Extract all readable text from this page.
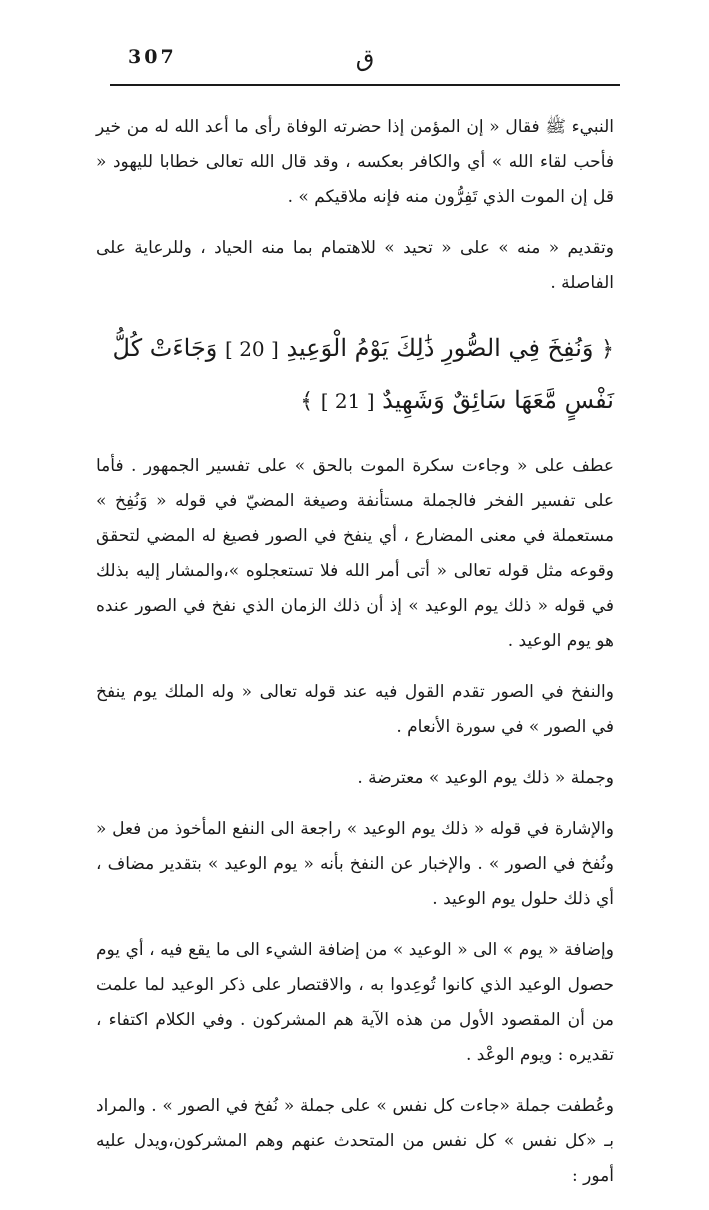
307	ق

النبيء ﷺ فقال « إن المؤمن إذا حضرته الوفاة رأى ما أعد الله له من خير فأحب لقاء الله » أي والكافر بعكسه ، وقد قال الله تعالى خطابا لليهود « قل إن الموت الذي تَفِرُّون منه فإنه ملاقيكم » .

وتقديم « منه » على « تحيد » للاهتمام بما منه الحياد ، وللرعاية على الفاصلة .

﴿ وَنُفِخَ فِي الصُّورِ ذَٰلِكَ يَوْمُ الْوَعِيدِ [ 20 ] وَجَاءَتْ كُلُّ نَفْسٍ مَّعَهَا سَائِقٌ وَشَهِيدٌ [ 21 ] ﴾

عطف على « وجاءت سكرة الموت بالحق » على تفسير الجمهور . فأما على تفسير الفخر فالجملة مستأنفة وصيغة المضيّ في قوله « وَنُفِخ » مستعملة في معنى المضارع ، أي ينفخ في الصور فصيغ له المضي لتحقق وقوعه مثل قوله تعالى « أتى أمر الله فلا تستعجلوه »،والمشار إليه بذلك في قوله « ذلك يوم الوعيد » إذ أن ذلك الزمان الذي نفخ في الصور عنده هو يوم الوعيد .

والنفخ في الصور تقدم القول فيه عند قوله تعالى « وله الملك يوم ينفخ في الصور » في سورة الأنعام .

وجملة « ذلك يوم الوعيد » معترضة .

والإشارة في قوله « ذلك يوم الوعيد » راجعة الى النفع المأخوذ من فعل « ونُفخ في الصور » . والإخبار عن النفخ بأنه « يوم الوعيد » بتقدير مضاف ، أي ذلك حلول يوم الوعيد .

وإضافة « يوم » الى « الوعيد » من إضافة الشيء الى ما يقع فيه ، أي يوم حصول الوعيد الذي كانوا تُوعِدوا به ، والاقتصار على ذكر الوعيد لما علمت من أن المقصود الأول من هذه الآية هم المشركون . وفي الكلام اكتفاء ، تقديره : ويوم الوعْد .

وعُطفت جملة «جاءت كل نفس » على جملة « نُفخ في الصور » . والمراد بـ «كل نفس » كل نفس من المتحدث عنهم وهم المشركون،ويدل عليه أمور :
